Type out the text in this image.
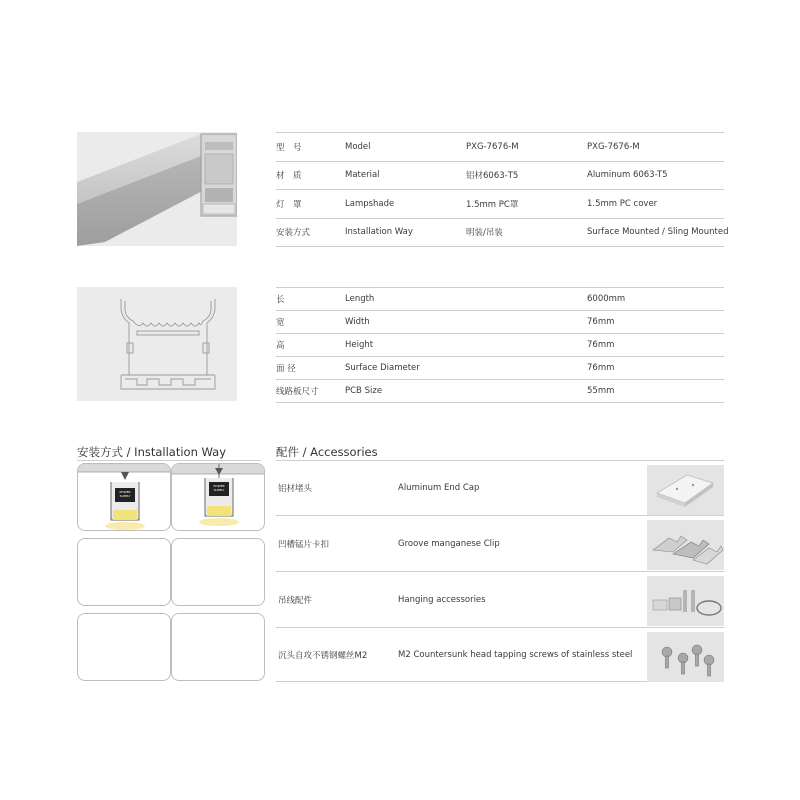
型　号	Model	PXG-7676-M	PXG-7676-M
材　质	Material	铝材6063-T5	Aluminum 6063-T5
灯　罩	Lampshade	1.5mm PC罩	1.5mm PC cover
安装方式	Installation Way	明装/吊装	Surface Mounted / Sling Mounted
长	Length	6000mm
宽	Width	76mm
高	Height	76mm
面 径	Surface Diameter	76mm
线路板尺寸	PCB Size	55mm
安装方式 / Installation Way
POWER SUPPLY
POWER SUPPLY
配件 / Accessories
铝材堵头	Aluminum End Cap
凹槽锰片卡扣	Groove manganese Clip
吊线配件	Hanging accessories
沉头自攻不锈钢螺丝M2	M2 Countersunk head tapping screws of stainless steel
